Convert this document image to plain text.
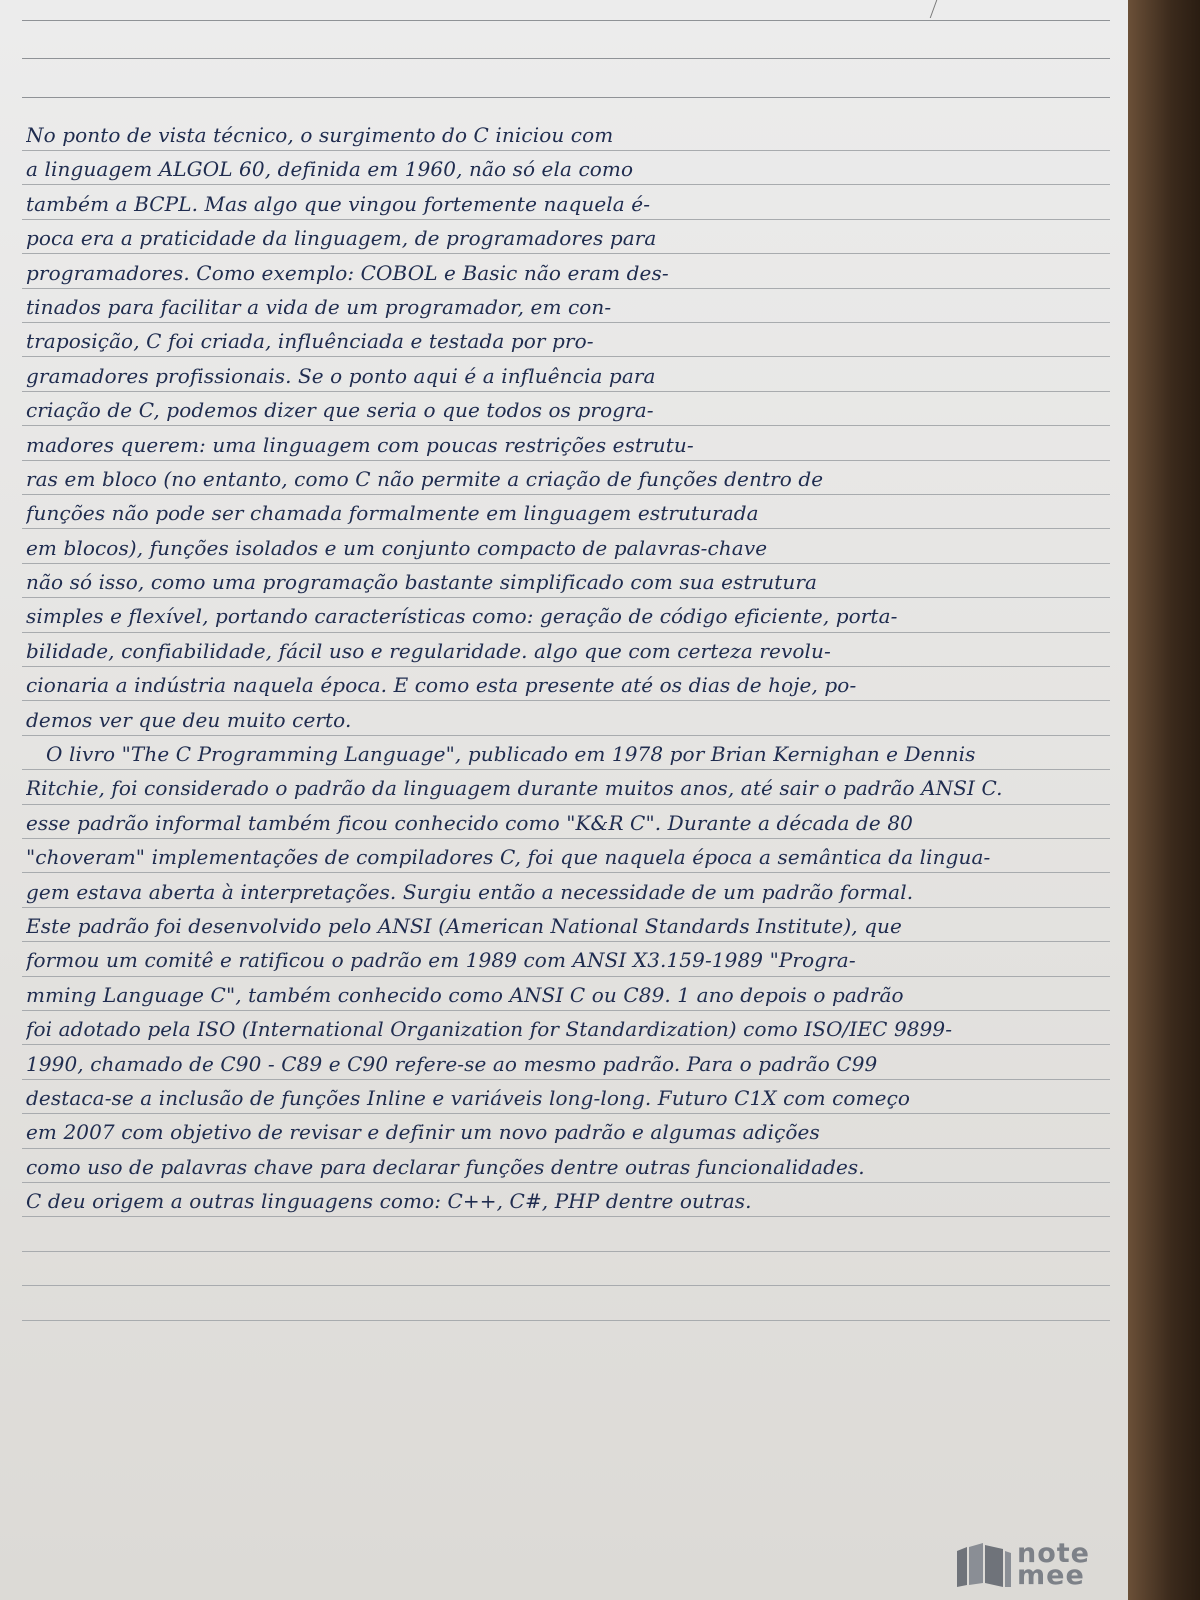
No ponto de vista técnico, o surgimento do C iniciou com
a linguagem ALGOL 60, definida em 1960, não só ela como
também a BCPL. Mas algo que vingou fortemente naquela é-
poca era a praticidade da linguagem, de programadores para
programadores. Como exemplo: COBOL e Basic não eram des-
tinados para facilitar a vida de um programador, em con-
traposição, C foi criada, influênciada e testada por pro-
gramadores profissionais. Se o ponto aqui é a influência para
criação de C, podemos dizer que seria o que todos os progra-
madores querem: uma linguagem com poucas restrições estrutu-
ras em bloco (no entanto, como C não permite a criação de funções dentro de
funções não pode ser chamada formalmente em linguagem estruturada
em blocos), funções isolados e um conjunto compacto de palavras-chave
não só isso, como uma programação bastante simplificado com sua estrutura
simples e flexível, portando características como: geração de código eficiente, porta-
bilidade, confiabilidade, fácil uso e regularidade. algo que com certeza revolu-
cionaria a indústria naquela época. E como esta presente até os dias de hoje, po-
demos ver que deu muito certo.
O livro "The C Programming Language", publicado em 1978 por Brian Kernighan e Dennis
Ritchie, foi considerado o padrão da linguagem durante muitos anos, até sair o padrão ANSI C.
esse padrão informal também ficou conhecido como "K&R C". Durante a década de 80
"choveram" implementações de compiladores C, foi que naquela época a semântica da lingua-
gem estava aberta à interpretações. Surgiu então a necessidade de um padrão formal.
Este padrão foi desenvolvido pelo ANSI (American National Standards Institute), que
formou um comitê e ratificou o padrão em 1989 com ANSI X3.159-1989 "Progra-
mming Language C", também conhecido como ANSI C ou C89. 1 ano depois o padrão
foi adotado pela ISO (International Organization for Standardization) como ISO/IEC 9899-
1990, chamado de C90 - C89 e C90 refere-se ao mesmo padrão. Para o padrão C99
destaca-se a inclusão de funções Inline e variáveis long-long. Futuro C1X com começo
em 2007 com objetivo de revisar e definir um novo padrão e algumas adições
como uso de palavras chave para declarar funções dentre outras funcionalidades.
C deu origem a outras linguagens como: C++, C#, PHP dentre outras.
note
mee
